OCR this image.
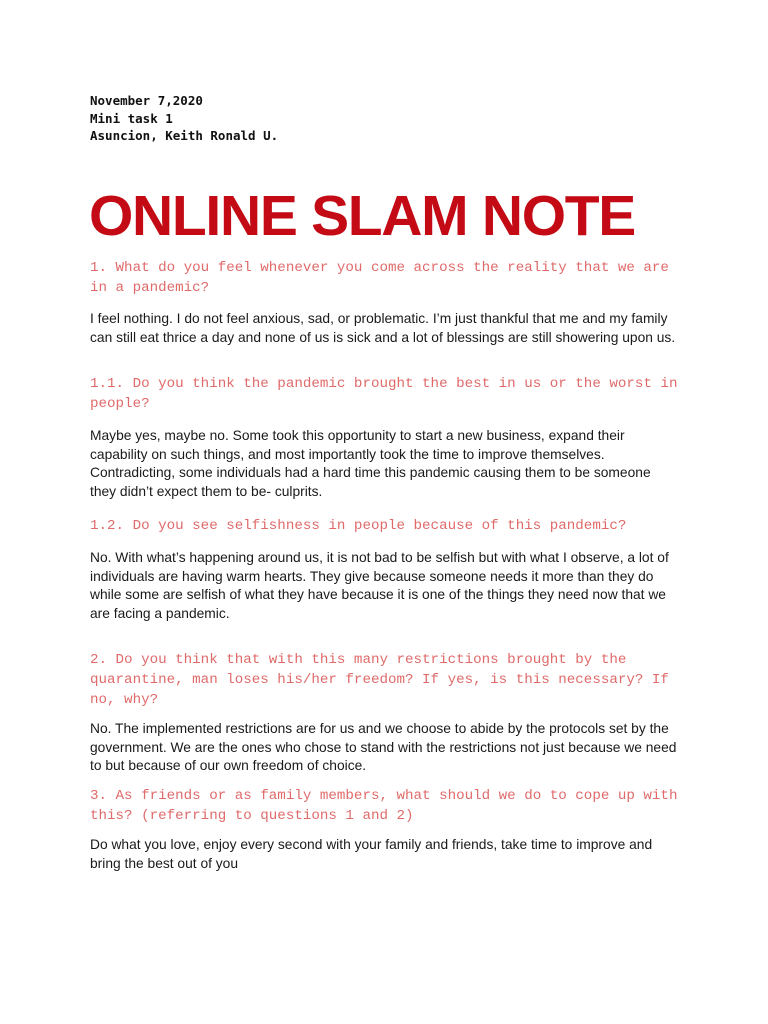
November 7,2020
Mini task 1
Asuncion, Keith Ronald U.
ONLINE SLAM NOTE

1. What do you feel whenever you come across the reality that we are in a pandemic?

I feel nothing. I do not feel anxious, sad, or problematic. I’m just thankful that me and my family can still eat thrice a day and none of us is sick and a lot of blessings are still showering upon us.

1.1. Do you think the pandemic brought the best in us or the worst in people?

Maybe yes, maybe no. Some took this opportunity to start a new business, expand their capability on such things, and most importantly took the time to improve themselves. Contradicting, some individuals had a hard time this pandemic causing them to be someone they didn’t expect them to be- culprits.

1.2. Do you see selfishness in people because of this pandemic?

No. With what’s happening around us, it is not bad to be selfish but with what I observe, a lot of individuals are having warm hearts. They give because someone needs it more than they do while some are selfish of what they have because it is one of the things they need now that we are facing a pandemic.

2. Do you think that with this many restrictions brought by the quarantine, man loses his/her freedom? If yes, is this necessary? If no, why?

No. The implemented restrictions are for us and we choose to abide by the protocols set by the government. We are the ones who chose to stand with the restrictions not just because we need to but because of our own freedom of choice.

3. As friends or as family members, what should we do to cope up with this? (referring to questions 1 and 2)

Do what you love, enjoy every second with your family and friends, take time to improve and bring the best out of you
